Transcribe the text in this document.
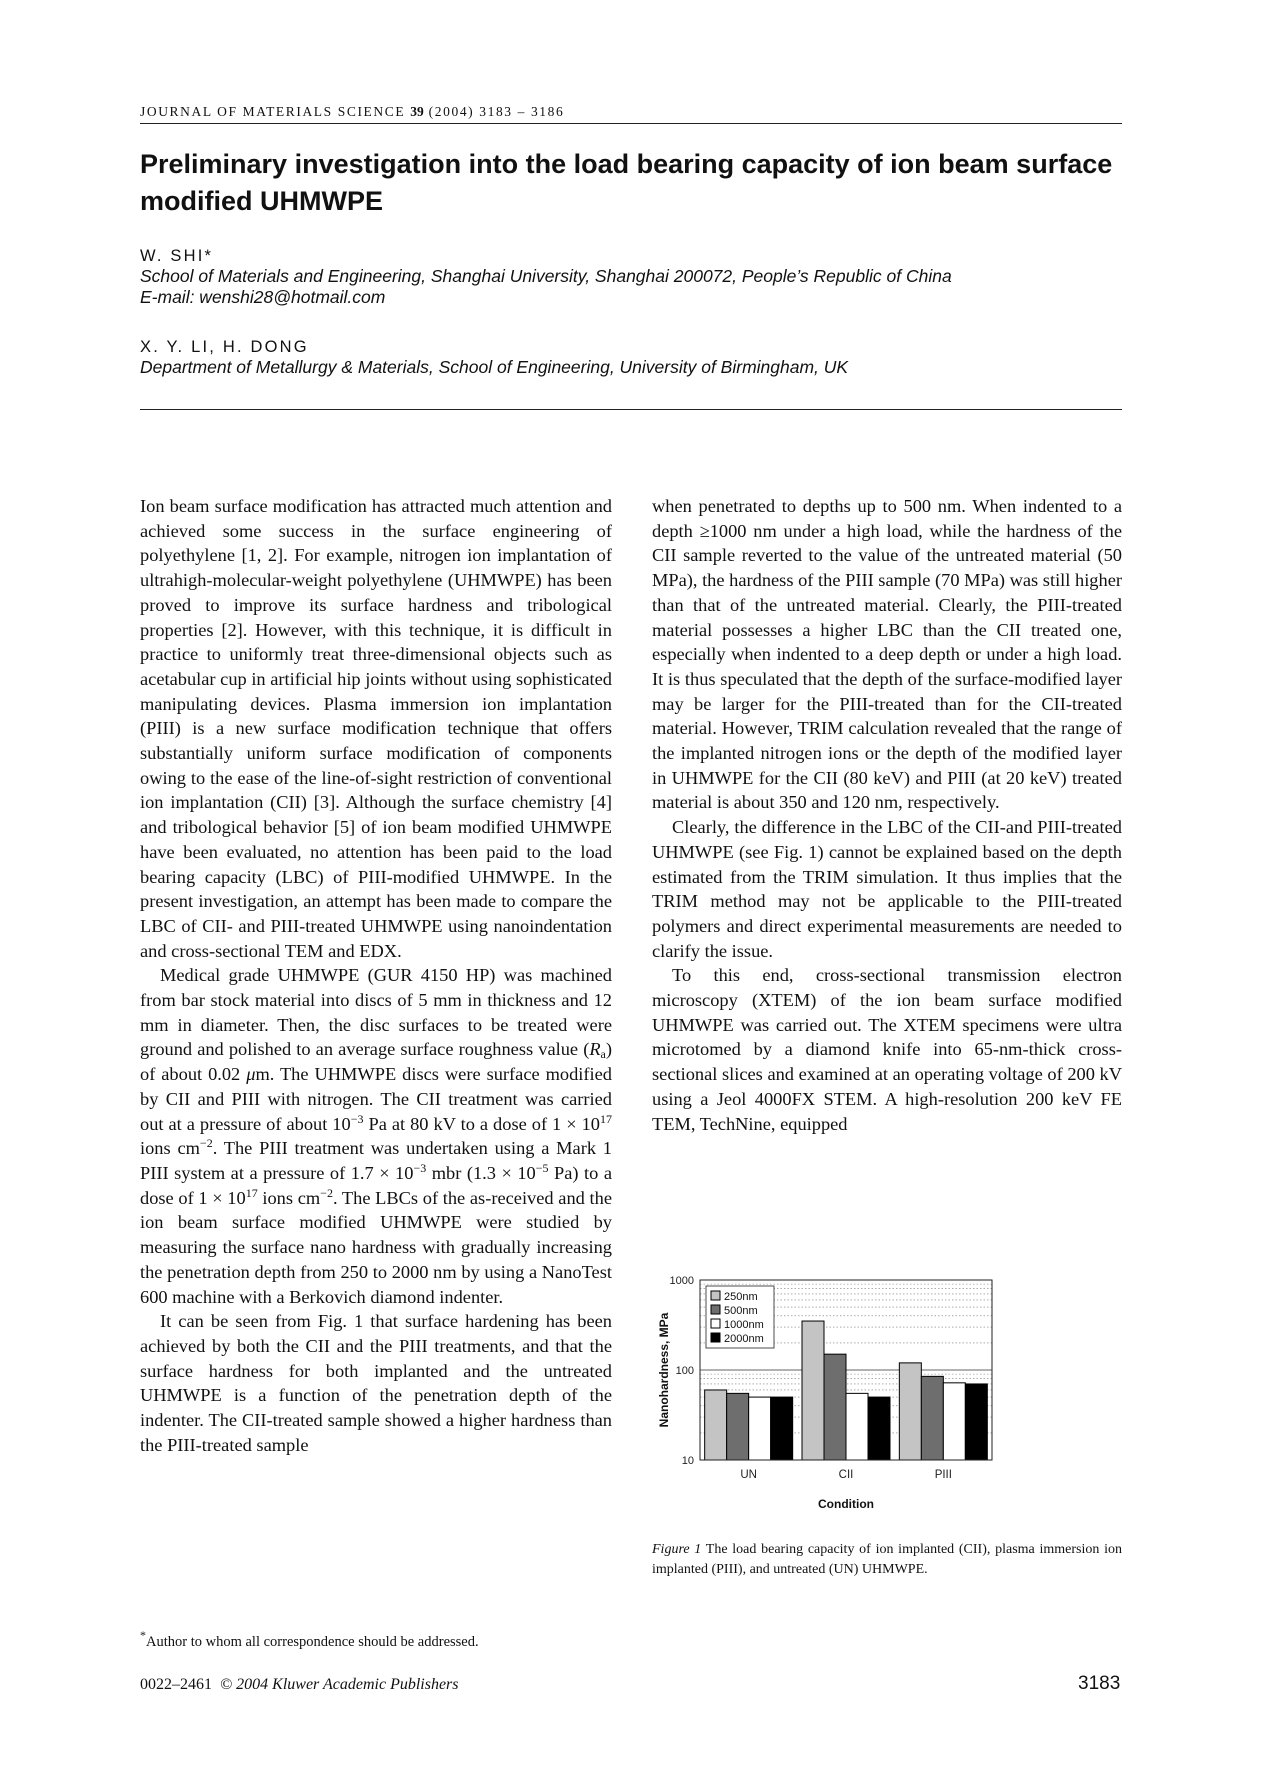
JOURNAL OF MATERIALS SCIENCE 39 (2004) 3183 – 3186
Preliminary investigation into the load bearing capacity of ion beam surface modified UHMWPE
W. SHI*
School of Materials and Engineering, Shanghai University, Shanghai 200072, People’s Republic of China
E-mail: wenshi28@hotmail.com
X. Y. LI, H. DONG
Department of Metallurgy & Materials, School of Engineering, University of Birmingham, UK

Ion beam surface modification has attracted much attention and achieved some success in the surface engineering of polyethylene [1, 2]. For example, nitrogen ion implantation of ultrahigh-molecular-weight polyethylene (UHMWPE) has been proved to improve its surface hardness and tribological properties [2]. However, with this technique, it is difficult in practice to uniformly treat three-dimensional objects such as acetabular cup in artificial hip joints without using sophisticated manipulating devices. Plasma immersion ion implantation (PIII) is a new surface modification technique that offers substantially uniform surface modification of components owing to the ease of the line-of-sight restriction of conventional ion implantation (CII) [3]. Although the surface chemistry [4] and tribological behavior [5] of ion beam modified UHMWPE have been evaluated, no attention has been paid to the load bearing capacity (LBC) of PIII-modified UHMWPE. In the present investigation, an attempt has been made to compare the LBC of CII- and PIII-treated UHMWPE using nanoindentation and cross-sectional TEM and EDX.

Medical grade UHMWPE (GUR 4150 HP) was machined from bar stock material into discs of 5 mm in thickness and 12 mm in diameter. Then, the disc surfaces to be treated were ground and polished to an average surface roughness value $(R_a)$ of about 0.02 μm. The UHMWPE discs were surface modified by CII and PIII with nitrogen. The CII treatment was carried out at a pressure of about $10^{-3}$ Pa at 80 kV to a dose of $1 \times 10^{17}$ ions $cm^{-2}$. The PIII treatment was undertaken using a Mark 1 PIII system at a pressure of $1.7 \times 10^{-3}$ mbr ($1.3 \times 10^{-5}$ Pa) to a dose of $1 \times 10^{17}$ ions $cm^{-2}$. The LBCs of the as-received and the ion beam surface modified UHMWPE were studied by measuring the surface nano hardness with gradually increasing the penetration depth from 250 to 2000 nm by using a NanoTest 600 machine with a Berkovich diamond indenter.

It can be seen from Fig. 1 that surface hardening has been achieved by both the CII and the PIII treatments, and that the surface hardness for both implanted and the untreated UHMWPE is a function of the penetration depth of the indenter. The CII-treated sample showed a higher hardness than the PIII-treated sample

when penetrated to depths up to 500 nm. When indented to a depth ≥1000 nm under a high load, while the hardness of the CII sample reverted to the value of the untreated material (50 MPa), the hardness of the PIII sample (70 MPa) was still higher than that of the untreated material. Clearly, the PIII-treated material possesses a higher LBC than the CII treated one, especially when indented to a deep depth or under a high load. It is thus speculated that the depth of the surface-modified layer may be larger for the PIII-treated than for the CII-treated material. However, TRIM calculation revealed that the range of the implanted nitrogen ions or the depth of the modified layer in UHMWPE for the CII (80 keV) and PIII (at 20 keV) treated material is about 350 and 120 nm, respectively.

Clearly, the difference in the LBC of the CII-and PIII-treated UHMWPE (see Fig. 1) cannot be explained based on the depth estimated from the TRIM simulation. It thus implies that the TRIM method may not be applicable to the PIII-treated polymers and direct experimental measurements are needed to clarify the issue.

To this end, cross-sectional transmission electron microscopy (XTEM) of the ion beam surface modified UHMWPE was carried out. The XTEM specimens were ultra microtomed by a diamond knife into 65-nm-thick cross-sectional slices and examined at an operating voltage of 200 kV using a Jeol 4000FX STEM. A high-resolution 200 keV FE TEM, TechNine, equipped

10
100
1000
UN	CII	PIII
250nm
500nm
1000nm
2000nm
Condition
Nanohardness, MPa
Figure 1 The load bearing capacity of ion implanted (CII), plasma immersion ion implanted (PIII), and untreated (UN) UHMWPE.
*Author to whom all correspondence should be addressed.
0022–2461 © 2004 Kluwer Academic Publishers	3183
